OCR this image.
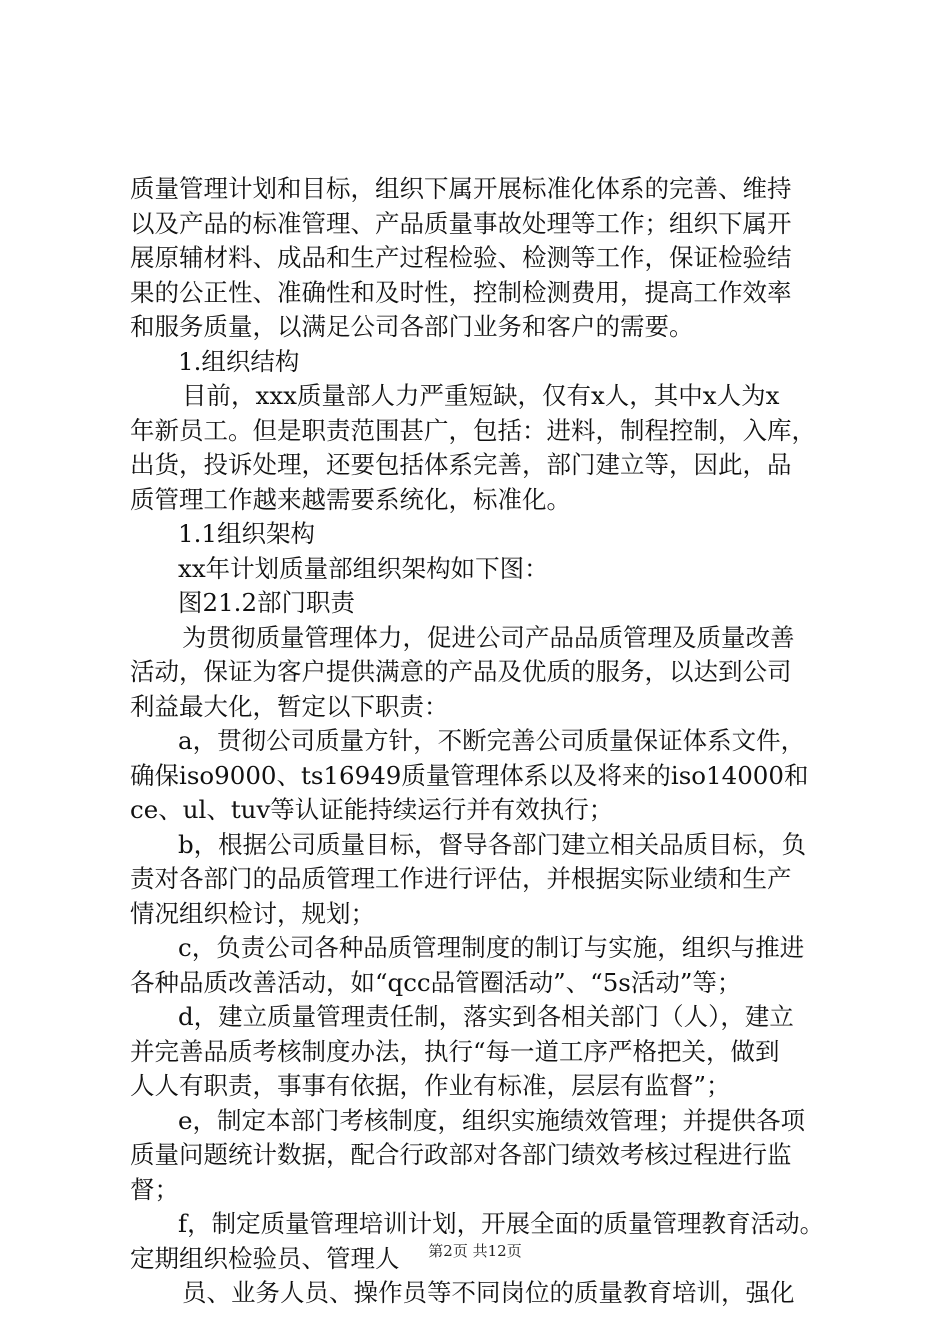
质量管理计划和目标，组织下属开展标准化体系的完善、维持
以及产品的标准管理、产品质量事故处理等工作；组织下属开
展原辅材料、成品和生产过程检验、检测等工作，保证检验结
果的公正性、准确性和及时性，控制检测费用，提高工作效率
和服务质量，以满足公司各部门业务和客户的需要。
1.组织结构
目前，xxx质量部人力严重短缺，仅有x人，其中x人为x
年新员工。但是职责范围甚广，包括：进料，制程控制，入库，
出货，投诉处理，还要包括体系完善，部门建立等，因此，品
质管理工作越来越需要系统化，标准化。
1.1组织架构
xx年计划质量部组织架构如下图：
图21.2部门职责
为贯彻质量管理体力，促进公司产品品质管理及质量改善
活动，保证为客户提供满意的产品及优质的服务，以达到公司
利益最大化，暂定以下职责：
a，贯彻公司质量方针，不断完善公司质量保证体系文件，
确保iso9000、ts16949质量管理体系以及将来的iso14000和
ce、ul、tuv等认证能持续运行并有效执行；
b，根据公司质量目标，督导各部门建立相关品质目标，负
责对各部门的品质管理工作进行评估，并根据实际业绩和生产
情况组织检讨，规划；
c，负责公司各种品质管理制度的制订与实施，组织与推进
各种品质改善活动，如“qcc品管圈活动”、“5s活动”等；
d，建立质量管理责任制，落实到各相关部门（人），建立
并完善品质考核制度办法，执行“每一道工序严格把关，做到
人人有职责，事事有依据，作业有标准，层层有监督”；
e，制定本部门考核制度，组织实施绩效管理；并提供各项
质量问题统计数据，配合行政部对各部门绩效考核过程进行监
督；
f，制定质量管理培训计划，开展全面的质量管理教育活动。
定期组织检验员、管理人
员、业务人员、操作员等不同岗位的质量教育培训，强化
第2页 共12页
